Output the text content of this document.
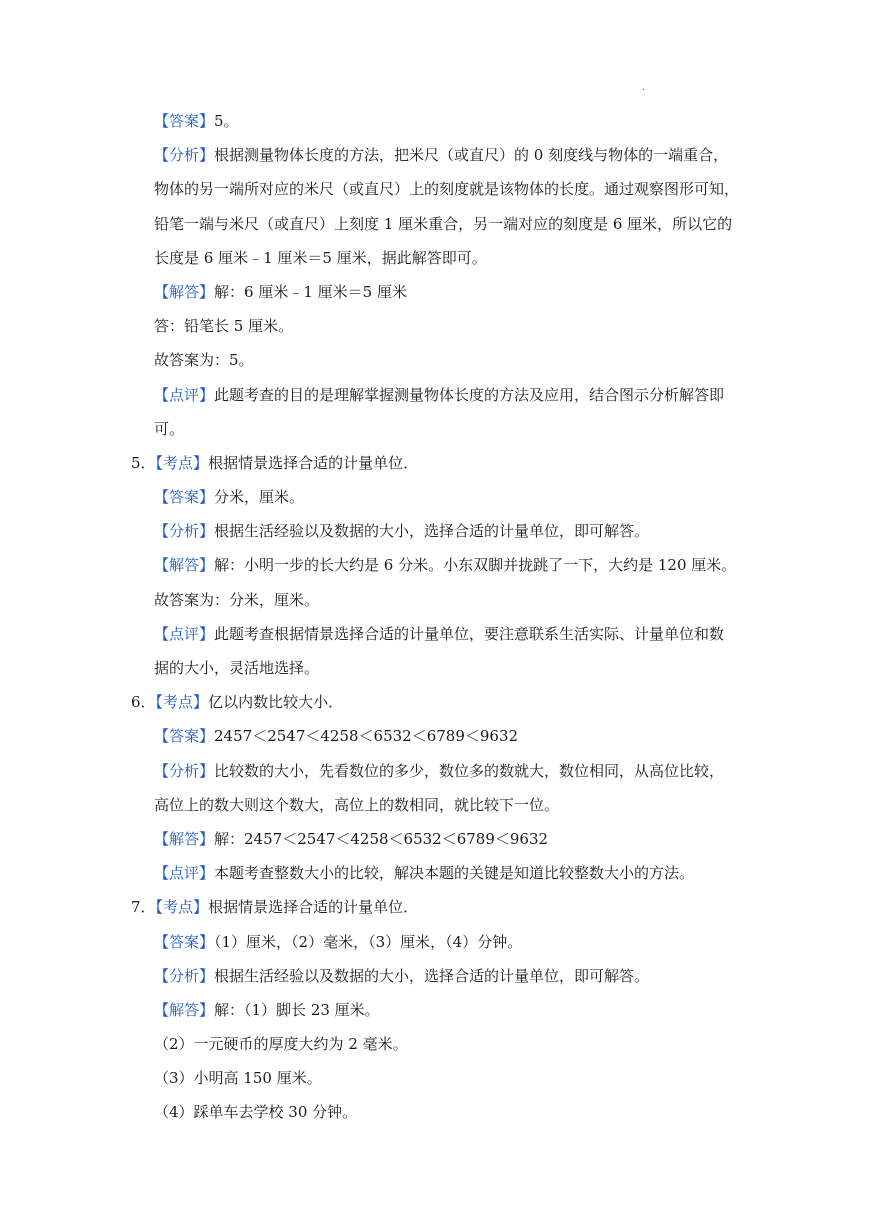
.
【答案】5。
【分析】根据测量物体长度的方法，把米尺（或直尺）的 0 刻度线与物体的一端重合，
物体的另一端所对应的米尺（或直尺）上的刻度就是该物体的长度。通过观察图形可知，
铅笔一端与米尺（或直尺）上刻度 1 厘米重合，另一端对应的刻度是 6 厘米，所以它的
长度是 6 厘米﹣1 厘米＝5 厘米，据此解答即可。
【解答】解：6 厘米﹣1 厘米＝5 厘米
答：铅笔长 5 厘米。
故答案为：5。
【点评】此题考查的目的是理解掌握测量物体长度的方法及应用，结合图示分析解答即
可。
5．【考点】根据情景选择合适的计量单位．
【答案】分米，厘米。
【分析】根据生活经验以及数据的大小，选择合适的计量单位，即可解答。
【解答】解：小明一步的长大约是 6 分米。小东双脚并拢跳了一下，大约是 120 厘米。
故答案为：分米，厘米。
【点评】此题考查根据情景选择合适的计量单位，要注意联系生活实际、计量单位和数
据的大小，灵活地选择。
6．【考点】亿以内数比较大小．
【答案】2457＜2547＜4258＜6532＜6789＜9632
【分析】比较数的大小，先看数位的多少，数位多的数就大，数位相同，从高位比较，
高位上的数大则这个数大，高位上的数相同，就比较下一位。
【解答】解：2457＜2547＜4258＜6532＜6789＜9632
【点评】本题考查整数大小的比较，解决本题的关键是知道比较整数大小的方法。
7．【考点】根据情景选择合适的计量单位．
【答案】（1）厘米，（2）毫米，（3）厘米，（4）分钟。
【分析】根据生活经验以及数据的大小，选择合适的计量单位，即可解答。
【解答】解：（1）脚长 23 厘米。
（2）一元硬币的厚度大约为 2 毫米。
（3）小明高 150 厘米。
（4）踩单车去学校 30 分钟。
